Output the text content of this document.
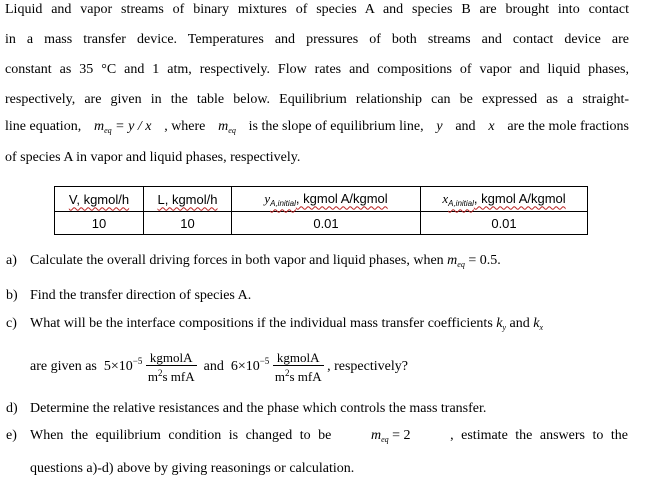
Liquid and vapor streams of binary mixtures of species A and species B are brought into contact
in a mass transfer device. Temperatures and pressures of both streams and contact device are
constant as 35 °C and 1 atm, respectively. Flow rates and compositions of vapor and liquid phases,
respectively, are given in the table below. Equilibrium relationship can be expressed as a straight-
line equation, $m_{eq} = y / x$ , where $m_{eq}$ is the slope of equilibrium line, y and x are the mole fractions
of species A in vapor and liquid phases, respectively.
V, kgmol/h	L, kgmol/h	$y_{A,initial}$, kgmol A/kgmol	$x_{A,initial}$, kgmol A/kgmol
10	10	0.01	0.01
a) Calculate the overall driving forces in both vapor and liquid phases, when $m_{eq} = 0.5$.
b) Find the transfer direction of species A.
c) What will be the interface compositions if the individual mass transfer coefficients $k_y$ and $k_x$
are given as $5\times 10^{-5} \frac{\text{kgmolA}}{m^2s mfA}$ and $6\times 10^{-5} \frac{\text{kgmolA}}{m^2s mfA}$ , respectively?
d) Determine the relative resistances and the phase which controls the mass transfer.
e) When the equilibrium condition is changed to be	$m_{eq} = 2$	, estimate the answers to the
questions a)-d) above by giving reasonings or calculation.
